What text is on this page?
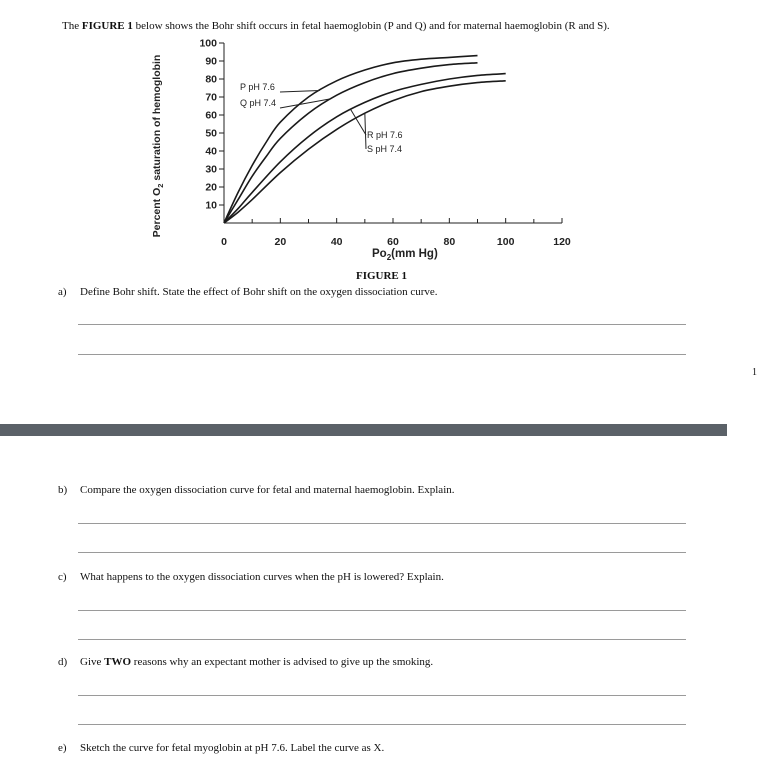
The FIGURE 1 below shows the Bohr shift occurs in fetal haemoglobin (P and Q) and for maternal haemoglobin (R and S).
Percent $O_2$ saturation of hemoglobin
10
20
30
40
50
60
70
80
90
100
0	20	40	60	80	100	120
P pH 7.6
Q pH 7.4
R pH 7.6
S pH 7.4
$Po_2(mm$ Hg)
FIGURE 1
a) Define Bohr shift. State the effect of Bohr shift on the oxygen dissociation curve.
1
b) Compare the oxygen dissociation curve for fetal and maternal haemoglobin. Explain.
c) What happens to the oxygen dissociation curves when the pH is lowered? Explain.
d) Give TWO reasons why an expectant mother is advised to give up the smoking.
e) Sketch the curve for fetal myoglobin at pH 7.6. Label the curve as X.
